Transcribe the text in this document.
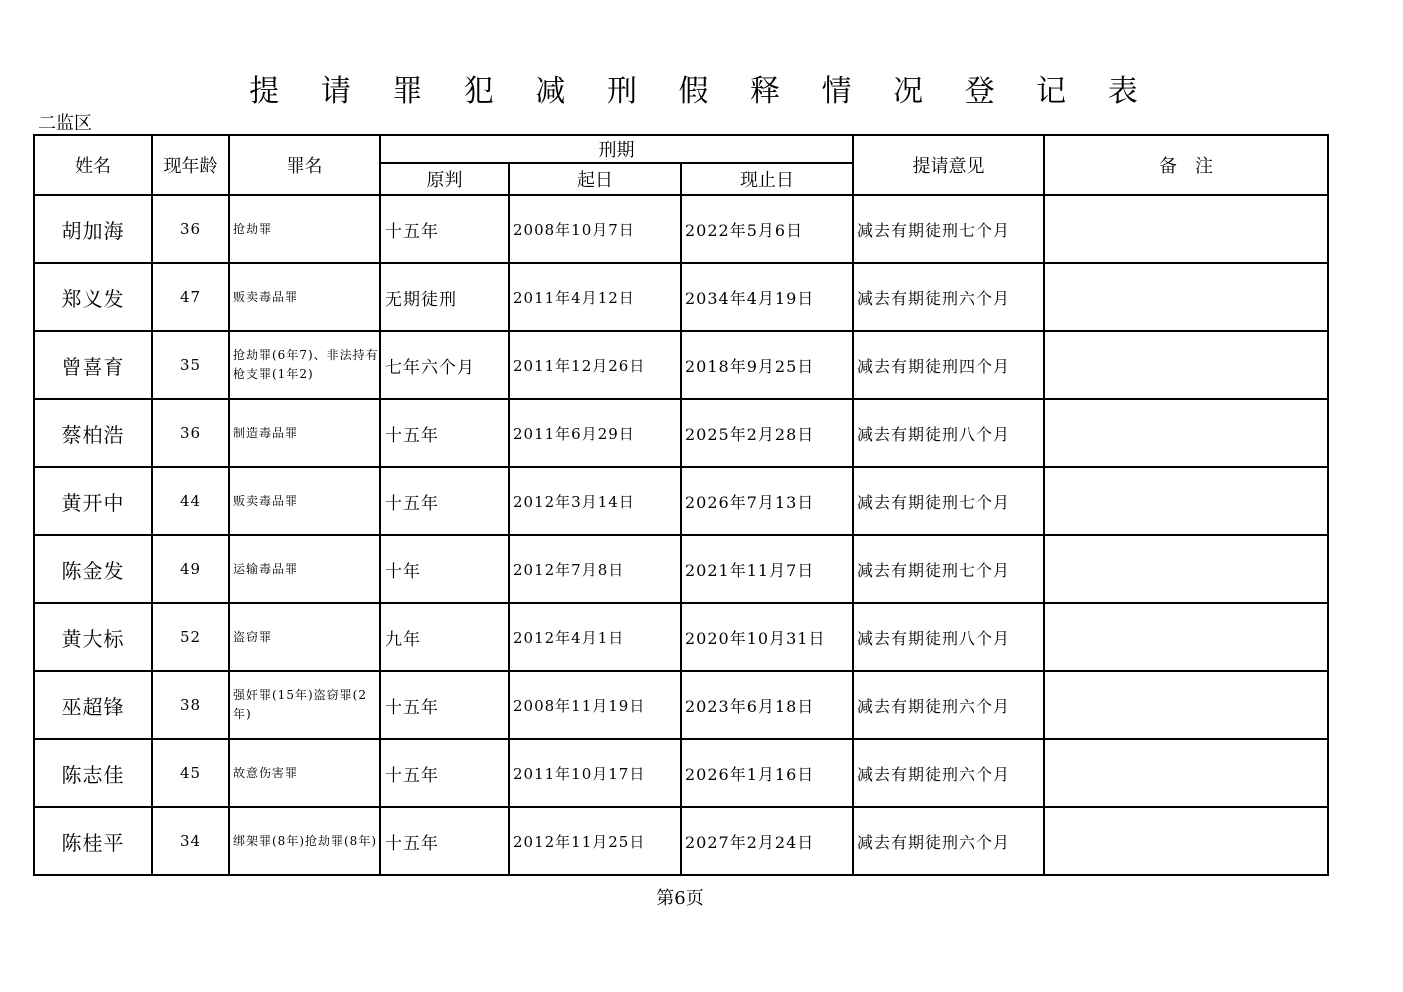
提 请 罪 犯 减 刑 假 释 情 况 登 记 表
二监区
姓名	现年龄	罪名	刑期			提请意见	备　注
			原判	起日	现止日		
胡加海	36	抢劫罪	十五年	2008年10月7日	2022年5月6日	减去有期徒刑七个月	
郑义发	47	贩卖毒品罪	无期徒刑	2011年4月12日	2034年4月19日	减去有期徒刑六个月	
曾喜育	35	抢劫罪(6年7)、非法持有枪支罪(1年2)	七年六个月	2011年12月26日	2018年9月25日	减去有期徒刑四个月	
蔡柏浩	36	制造毒品罪	十五年	2011年6月29日	2025年2月28日	减去有期徒刑八个月	
黄开中	44	贩卖毒品罪	十五年	2012年3月14日	2026年7月13日	减去有期徒刑七个月	
陈金发	49	运输毒品罪	十年	2012年7月8日	2021年11月7日	减去有期徒刑七个月	
黄大标	52	盗窃罪	九年	2012年4月1日	2020年10月31日	减去有期徒刑八个月	
巫超锋	38	强奸罪(15年)盗窃罪(2年)	十五年	2008年11月19日	2023年6月18日	减去有期徒刑六个月	
陈志佳	45	故意伤害罪	十五年	2011年10月17日	2026年1月16日	减去有期徒刑六个月	
陈桂平	34	绑架罪(8年)抢劫罪(8年)	十五年	2012年11月25日	2027年2月24日	减去有期徒刑六个月	
第6页
